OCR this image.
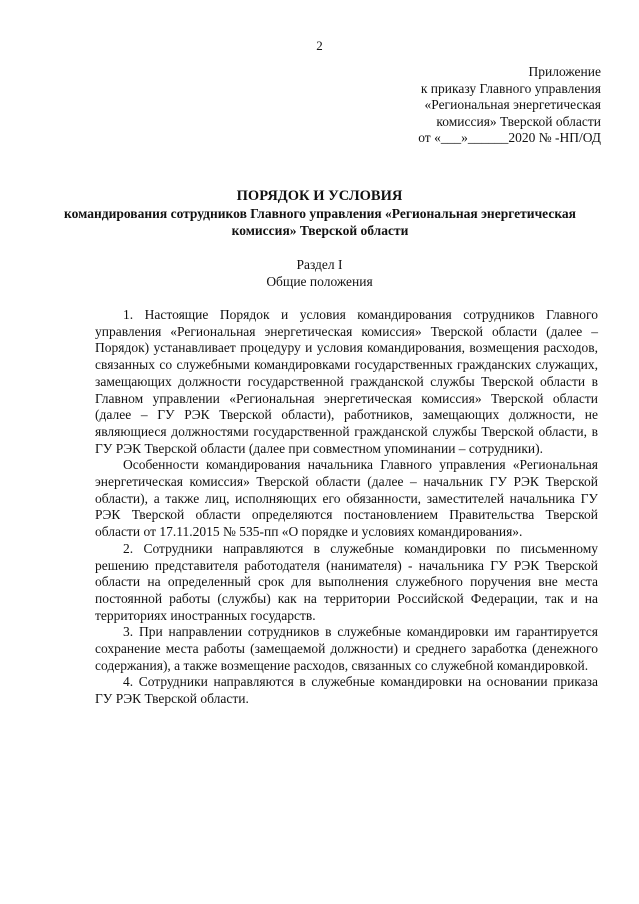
2
Приложение
к приказу Главного управления
«Региональная энергетическая
комиссия» Тверской области
от «___»______2020 № -НП/ОД
ПОРЯДОК И УСЛОВИЯ
командирования сотрудников Главного управления «Региональная энергетическая комиссия» Тверской области
Раздел I
Общие положения

1. Настоящие Порядок и условия командирования сотрудников Главного управления «Региональная энергетическая комиссия» Тверской области (далее – Порядок) устанавливает процедуру и условия командирования, возмещения расходов, связанных со служебными командировками государственных гражданских служащих, замещающих должности государственной гражданской службы Тверской области в Главном управлении «Региональная энергетическая комиссия» Тверской области (далее – ГУ РЭК Тверской области), работников, замещающих должности, не являющиеся должностями государственной гражданской службы Тверской области, в ГУ РЭК Тверской области (далее при совместном упоминании – сотрудники).

Особенности командирования начальника Главного управления «Региональная энергетическая комиссия» Тверской области (далее – начальник ГУ РЭК Тверской области), а также лиц, исполняющих его обязанности, заместителей начальника ГУ РЭК Тверской области определяются постановлением Правительства Тверской области от 17.11.2015 № 535-пп «О порядке и условиях командирования».

2. Сотрудники направляются в служебные командировки по письменному решению представителя работодателя (нанимателя) - начальника ГУ РЭК Тверской области на определенный срок для выполнения служебного поручения вне места постоянной работы (службы) как на территории Российской Федерации, так и на территориях иностранных государств.

3. При направлении сотрудников в служебные командировки им гарантируется сохранение места работы (замещаемой должности) и среднего заработка (денежного содержания), а также возмещение расходов, связанных со служебной командировкой.

4. Сотрудники направляются в служебные командировки на основании приказа ГУ РЭК Тверской области.
